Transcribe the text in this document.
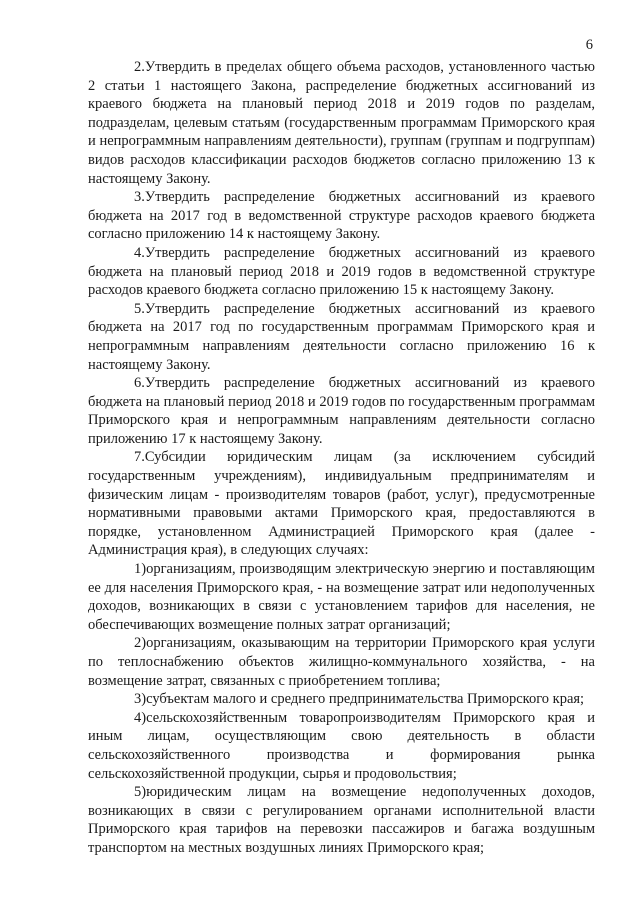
6

2.Утвердить в пределах общего объема расходов, установленного частью 2 статьи 1 настоящего Закона, распределение бюджетных ассигнований из краевого бюджета на плановый период 2018 и 2019 годов по разделам, подразделам, целевым статьям (государственным программам Приморского края и непрограммным направлениям деятельности), группам (группам и подгруппам) видов расходов классификации расходов бюджетов согласно приложению 13 к настоящему Закону.

3.Утвердить распределение бюджетных ассигнований из краевого бюджета на 2017 год в ведомственной структуре расходов краевого бюджета согласно приложению 14 к настоящему Закону.

4.Утвердить распределение бюджетных ассигнований из краевого бюджета на плановый период 2018 и 2019 годов в ведомственной структуре расходов краевого бюджета согласно приложению 15 к настоящему Закону.

5.Утвердить распределение бюджетных ассигнований из краевого бюджета на 2017 год по государственным программам Приморского края и непрограммным направлениям деятельности согласно приложению 16 к настоящему Закону.

6.Утвердить распределение бюджетных ассигнований из краевого бюджета на плановый период 2018 и 2019 годов по государственным программам Приморского края и непрограммным направлениям деятельности согласно приложению 17 к настоящему Закону.

7.Субсидии юридическим лицам (за исключением субсидий государственным учреждениям), индивидуальным предпринимателям и физическим лицам - производителям товаров (работ, услуг), предусмотренные нормативными правовыми актами Приморского края, предоставляются в порядке, установленном Администрацией Приморского края (далее - Администрация края), в следующих случаях:

1)организациям, производящим электрическую энергию и поставляющим ее для населения Приморского края, - на возмещение затрат или недополученных доходов, возникающих в связи с установлением тарифов для населения, не обеспечивающих возмещение полных затрат организаций;

2)организациям, оказывающим на территории Приморского края услуги по теплоснабжению объектов жилищно-коммунального хозяйства, - на возмещение затрат, связанных с приобретением топлива;

3)субъектам малого и среднего предпринимательства Приморского края;

4)сельскохозяйственным товаропроизводителям Приморского края и иным лицам, осуществляющим свою деятельность в области сельскохозяйственного производства и формирования рынка сельскохозяйственной продукции, сырья и продовольствия;

5)юридическим лицам на возмещение недополученных доходов, возникающих в связи с регулированием органами исполнительной власти Приморского края тарифов на перевозки пассажиров и багажа воздушным транспортом на местных воздушных линиях Приморского края;
